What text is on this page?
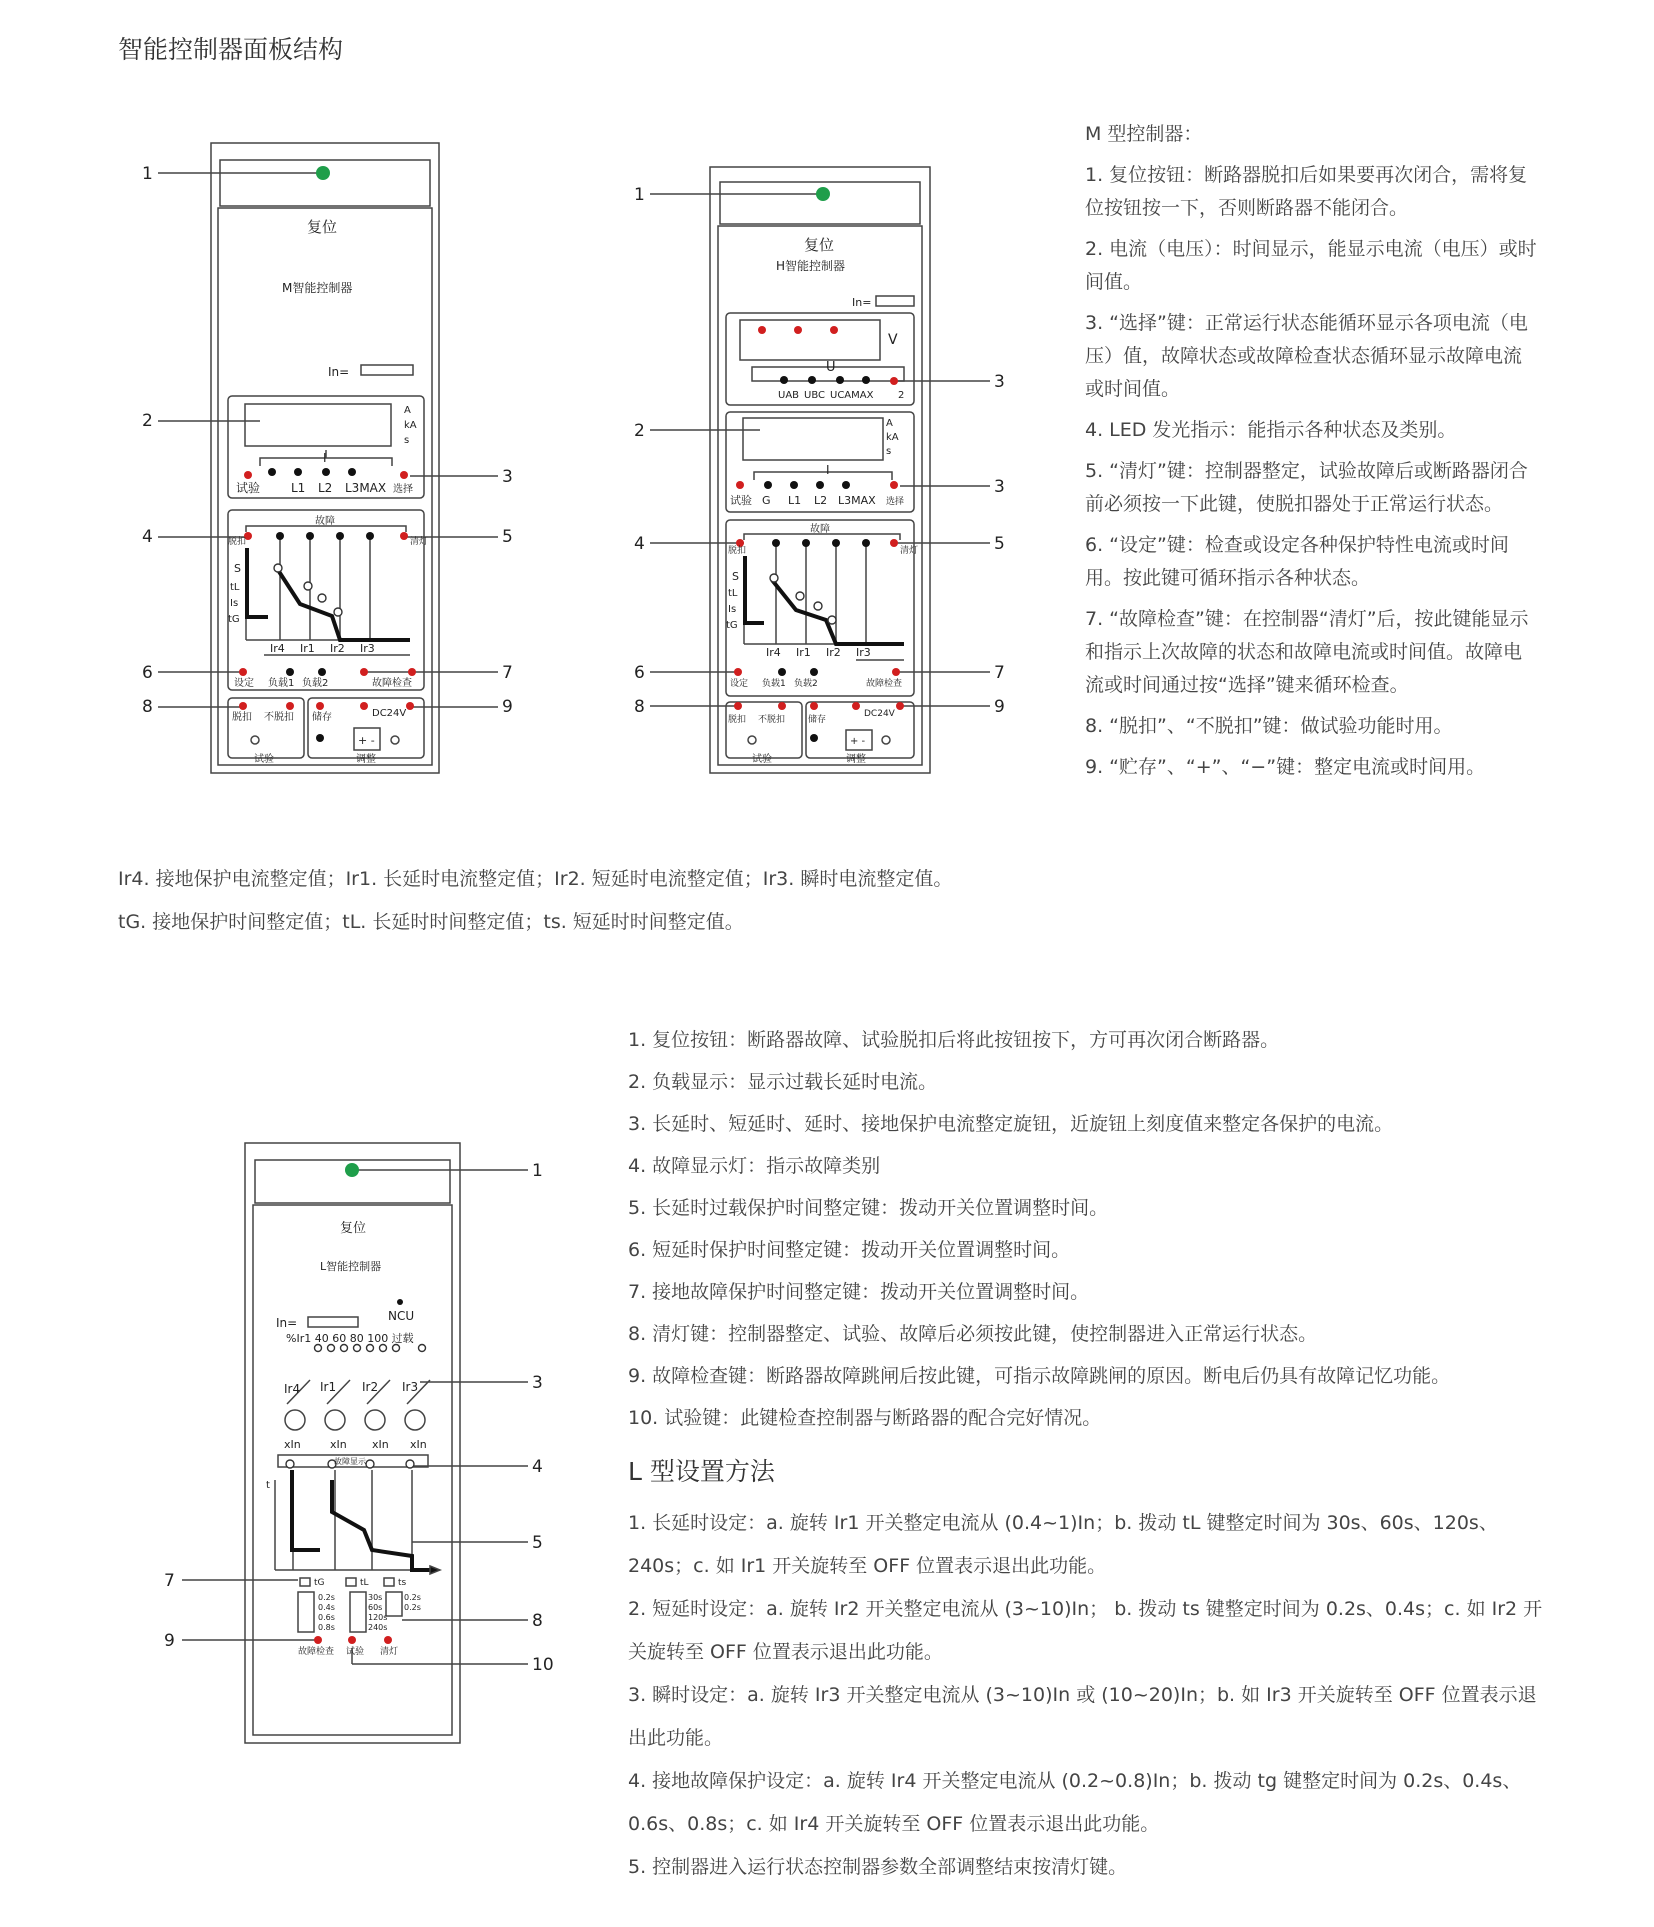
智能控制器面板结构
1
2
3
4	5
6	7
8	9
复位
M智能控制器
In=
A
kA
s
I
试验	L1 L2 L3MAX 选择
故障
脱扣	清灯
S
tL
Is
tG
Ir4 Ir1 Ir2 Ir3
设定 负载1 负载2	故障检查
脱扣 不脱扣 储存	DC24V
+ -
试验	调整
1
2
3
3
4	5
6	7
8	9
复位
H智能控制器
In=
V
U
UAB UBC UCAMAX 2
A
kA
s
I
试验 G L1 L2 L3MAX 选择
故障
脱扣	清灯
S
tL
Is
tG
Ir4 Ir1 Ir2 Ir3
设定 负载1 负载2	故障检查
脱扣 不脱扣	储存
DC24V
+ -
试验	调整
1
3
4
5
7
8
9
10
复位
L智能控制器
In=	NCU
%Ir1 40 60 80 100 过载
Ir4 Ir1 Ir2 Ir3
xIn	xIn xIn xIn
故障显示
t
tG	tL	ts
0.2s
0.4s
0.6s
0.8s
30s
60s
120s
240s
0.2s
0.2s
故障检查 试验 清灯
M 型控制器：
1. 复位按钮：断路器脱扣后如果要再次闭合，需将复位按钮按一下，否则断路器不能闭合。
2. 电流（电压）：时间显示，能显示电流（电压）或时间值。
3. “选择”键：正常运行状态能循环显示各项电流（电压）值，故障状态或故障检查状态循环显示故障电流或时间值。
4. LED 发光指示：能指示各种状态及类别。
5. “清灯”键：控制器整定，试验故障后或断路器闭合前必须按一下此键，使脱扣器处于正常运行状态。
6. “设定”键：检查或设定各种保护特性电流或时间用。按此键可循环指示各种状态。
7. “故障检查”键：在控制器“清灯”后，按此键能显示和指示上次故障的状态和故障电流或时间值。故障电流或时间通过按“选择”键来循环检查。
8. “脱扣”、“不脱扣”键：做试验功能时用。
9. “贮存”、“+”、“−”键：整定电流或时间用。
Ir4. 接地保护电流整定值；Ir1. 长延时电流整定值；Ir2. 短延时电流整定值；Ir3. 瞬时电流整定值。
tG. 接地保护时间整定值；tL. 长延时时间整定值；ts. 短延时时间整定值。
1. 复位按钮：断路器故障、试验脱扣后将此按钮按下，方可再次闭合断路器。
2. 负载显示：显示过载长延时电流。
3. 长延时、短延时、延时、接地保护电流整定旋钮，近旋钮上刻度值来整定各保护的电流。
4. 故障显示灯：指示故障类别
5. 长延时过载保护时间整定键：拨动开关位置调整时间。
6. 短延时保护时间整定键：拨动开关位置调整时间。
7. 接地故障保护时间整定键：拨动开关位置调整时间。
8. 清灯键：控制器整定、试验、故障后必须按此键，使控制器进入正常运行状态。
9. 故障检查键：断路器故障跳闸后按此键，可指示故障跳闸的原因。断电后仍具有故障记忆功能。
10. 试验键：此键检查控制器与断路器的配合完好情况。
L 型设置方法
1. 长延时设定：a. 旋转 Ir1 开关整定电流从 (0.4~1)In；b. 拨动 tL 键整定时间为 30s、60s、120s、240s；c. 如 Ir1 开关旋转至 OFF 位置表示退出此功能。
2. 短延时设定：a. 旋转 Ir2 开关整定电流从 (3~10)In； b. 拨动 ts 键整定时间为 0.2s、0.4s；c. 如 Ir2 开关旋转至 OFF 位置表示退出此功能。
3. 瞬时设定：a. 旋转 Ir3 开关整定电流从 (3~10)In 或 (10~20)In；b. 如 Ir3 开关旋转至 OFF 位置表示退出此功能。
4. 接地故障保护设定：a. 旋转 Ir4 开关整定电流从 (0.2~0.8)In；b. 拨动 tg 键整定时间为 0.2s、0.4s、0.6s、0.8s；c. 如 Ir4 开关旋转至 OFF 位置表示退出此功能。
5. 控制器进入运行状态控制器参数全部调整结束按清灯键。
